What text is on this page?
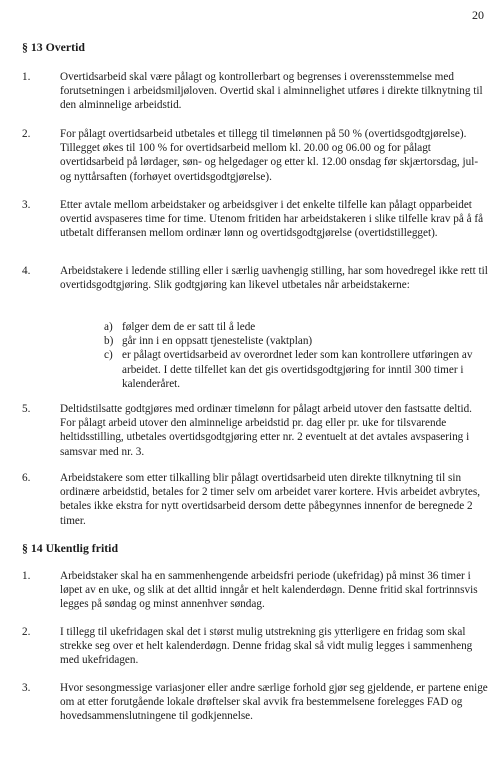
20
§ 13 Overtid
1.	Overtidsarbeid skal være pålagt og kontrollerbart og begrenses i overensstemmelse med forutsetningen i arbeidsmiljøloven. Overtid skal i alminnelighet utføres i direkte tilknytning til den alminnelige arbeidstid.
2.	For pålagt overtidsarbeid utbetales et tillegg til timelønnen på 50 % (overtidsgodtgjørelse). Tillegget økes til 100 % for overtidsarbeid mellom kl. 20.00 og 06.00 og for pålagt overtidsarbeid på lørdager, søn- og helgedager og etter kl. 12.00 onsdag før skjærtorsdag, jul- og nyttårsaften (forhøyet overtidsgodtgjørelse).
3.	Etter avtale mellom arbeidstaker og arbeidsgiver i det enkelte tilfelle kan pålagt opparbeidet overtid avspaseres time for time. Utenom fritiden har arbeidstakeren i slike tilfelle krav på å få utbetalt differansen mellom ordinær lønn og overtidsgodtgjørelse (overtidstillegget).
4.	Arbeidstakere i ledende stilling eller i særlig uavhengig stilling, har som hovedregel ikke rett til overtidsgodtgjøring. Slik godtgjøring kan likevel utbetales når arbeidstakerne:
a) følger dem de er satt til å lede
b) går inn i en oppsatt tjenesteliste (vaktplan)
c) er pålagt overtidsarbeid av overordnet leder som kan kontrollere utføringen av arbeidet. I dette tilfellet kan det gis overtidsgodtgjøring for inntil 300 timer i kalenderåret.
5.	Deltidstilsatte godtgjøres med ordinær timelønn for pålagt arbeid utover den fastsatte deltid. For pålagt arbeid utover den alminnelige arbeidstid pr. dag eller pr. uke for tilsvarende heltidsstilling, utbetales overtidsgodtgjøring etter nr. 2 eventuelt at det avtales avspasering i samsvar med nr. 3.
6.	Arbeidstakere som etter tilkalling blir pålagt overtidsarbeid uten direkte tilknytning til sin ordinære arbeidstid, betales for 2 timer selv om arbeidet varer kortere. Hvis arbeidet avbrytes, betales ikke ekstra for nytt overtidsarbeid dersom dette påbegynnes innenfor de beregnede 2 timer.
§ 14 Ukentlig fritid
1.	Arbeidstaker skal ha en sammenhengende arbeidsfri periode (ukefridag) på minst 36 timer i løpet av en uke, og slik at det alltid inngår et helt kalenderdøgn. Denne fritid skal fortrinnsvis legges på søndag og minst annenhver søndag.
2.	I tillegg til ukefridagen skal det i størst mulig utstrekning gis ytterligere en fridag som skal strekke seg over et helt kalenderdøgn. Denne fridag skal så vidt mulig legges i sammenheng med ukefridagen.
3.	Hvor sesongmessige variasjoner eller andre særlige forhold gjør seg gjeldende, er partene enige om at etter forutgående lokale drøftelser skal avvik fra bestemmelsene forelegges FAD og hovedsammenslutningene til godkjennelse.
